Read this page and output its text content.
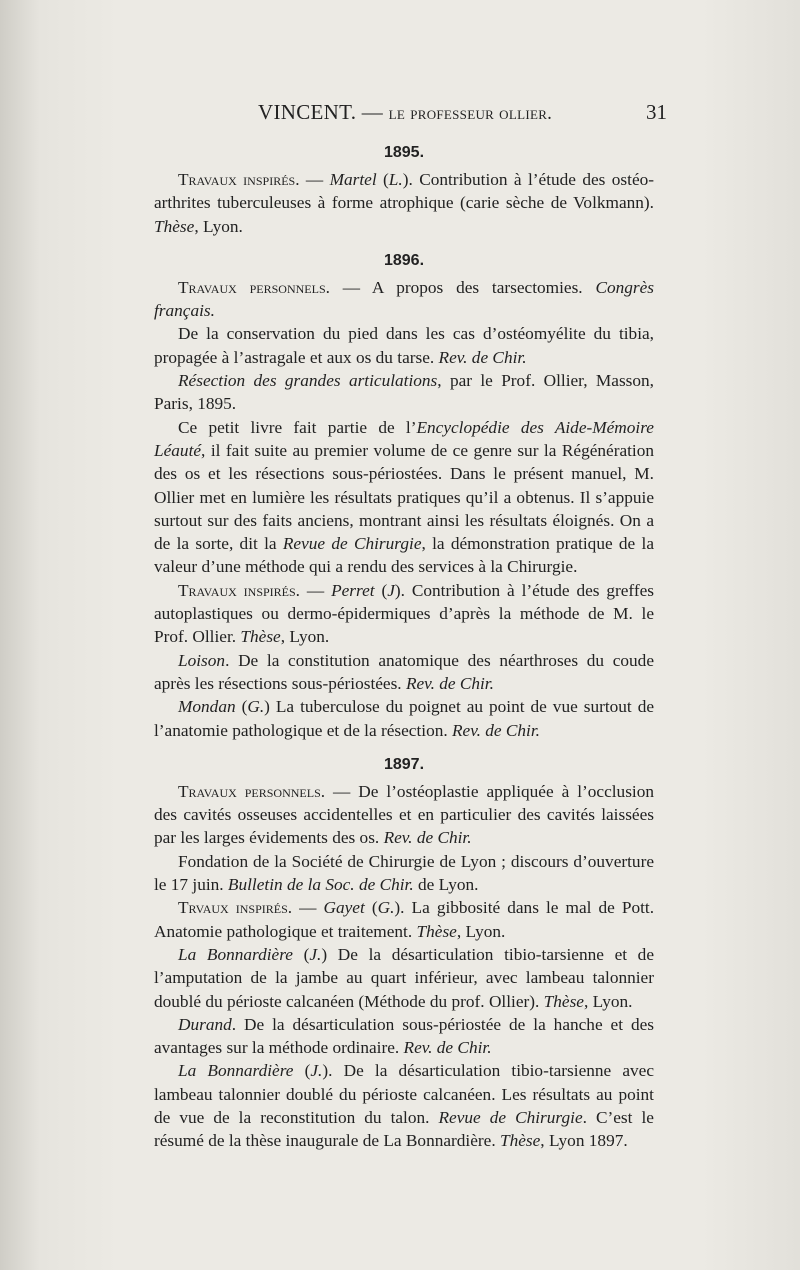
VINCENT. — le professeur ollier.	31

1895.

Travaux inspirés. — Martel (L.). Contribution à l’étude des ostéo-arthrites tuberculeuses à forme atrophique (carie sèche de Volkmann). Thèse, Lyon.

1896.

Travaux personnels. — A propos des tarsectomies. Congrès français.

De la conservation du pied dans les cas d’ostéomyélite du tibia, propagée à l’astragale et aux os du tarse. Rev. de Chir.

Résection des grandes articulations, par le Prof. Ollier, Masson, Paris, 1895.

Ce petit livre fait partie de l’Encyclopédie des Aide-Mémoire Léauté, il fait suite au premier volume de ce genre sur la Régénération des os et les résections sous-périostées. Dans le présent manuel, M. Ollier met en lumière les résultats pratiques qu’il a obtenus. Il s’appuie surtout sur des faits anciens, montrant ainsi les résultats éloignés. On a de la sorte, dit la Revue de Chirurgie, la démonstration pratique de la valeur d’une méthode qui a rendu des services à la Chirurgie.

Travaux inspirés. — Perret (J). Contribution à l’étude des greffes autoplastiques ou dermo-épidermiques d’après la méthode de M. le Prof. Ollier. Thèse, Lyon.

Loison. De la constitution anatomique des néarthroses du coude après les résections sous-périostées. Rev. de Chir.

Mondan (G.) La tuberculose du poignet au point de vue surtout de l’anatomie pathologique et de la résection. Rev. de Chir.

1897.

Travaux personnels. — De l’ostéoplastie appliquée à l’occlusion des cavités osseuses accidentelles et en particulier des cavités laissées par les larges évidements des os. Rev. de Chir.

Fondation de la Société de Chirurgie de Lyon ; discours d’ouverture le 17 juin. Bulletin de la Soc. de Chir. de Lyon.

Trvaux inspirés. — Gayet (G.). La gibbosité dans le mal de Pott. Anatomie pathologique et traitement. Thèse, Lyon.

La Bonnardière (J.) De la désarticulation tibio-tarsienne et de l’amputation de la jambe au quart inférieur, avec lambeau talonnier doublé du périoste calcanéen (Méthode du prof. Ollier). Thèse, Lyon.

Durand. De la désarticulation sous-périostée de la hanche et des avantages sur la méthode ordinaire. Rev. de Chir.

La Bonnardière (J.). De la désarticulation tibio-tarsienne avec lambeau talonnier doublé du périoste calcanéen. Les résultats au point de vue de la reconstitution du talon. Revue de Chirurgie. C’est le résumé de la thèse inaugurale de La Bonnardière. Thèse, Lyon 1897.
